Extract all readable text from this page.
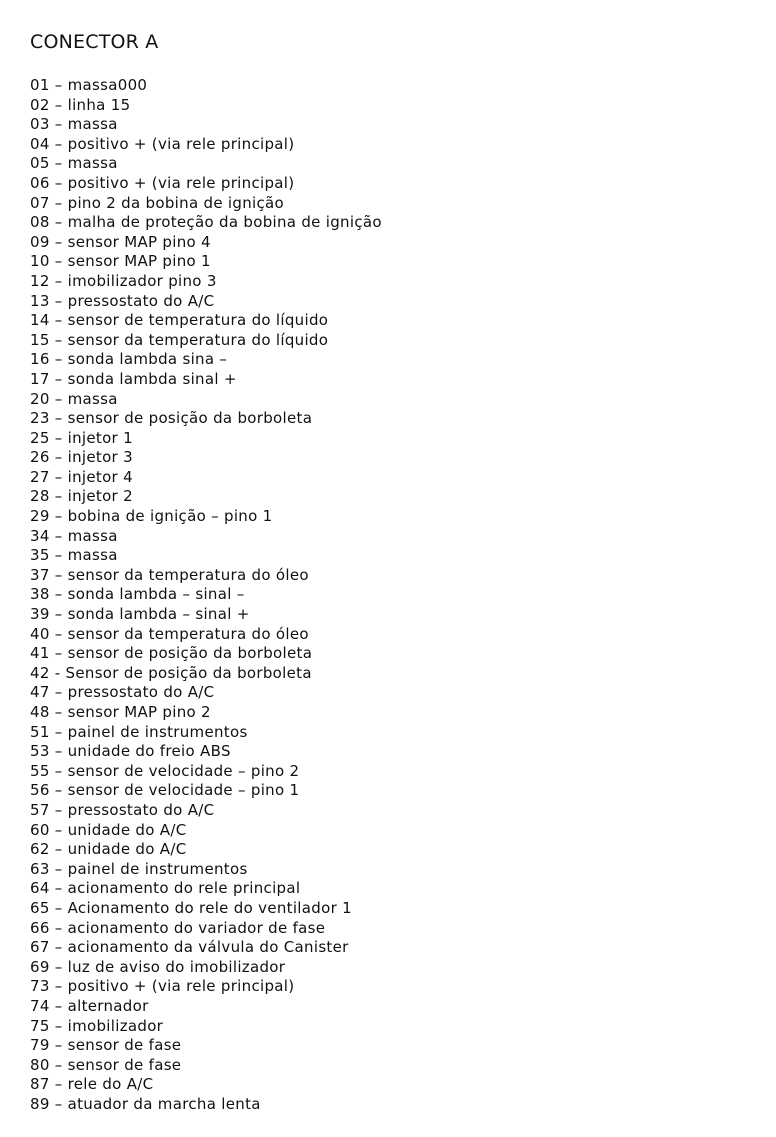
CONECTOR A
01 – massa000
02 – linha 15
03 – massa
04 – positivo + (via rele principal)
05 – massa
06 – positivo + (via rele principal)
07 – pino 2 da bobina de ignição
08 – malha de proteção da bobina de ignição
09 – sensor MAP pino 4
10 – sensor MAP pino 1
12 – imobilizador pino 3
13 – pressostato do A/C
14 – sensor de temperatura do líquido
15 – sensor da temperatura do líquido
16 – sonda lambda sina –
17 – sonda lambda sinal +
20 – massa
23 – sensor de posição da borboleta
25 – injetor 1
26 – injetor 3
27 – injetor 4
28 – injetor 2
29 – bobina de ignição – pino 1
34 – massa
35 – massa
37 – sensor da temperatura do óleo
38 – sonda lambda – sinal –
39 – sonda lambda – sinal +
40 – sensor da temperatura do óleo
41 – sensor de posição da borboleta
42 - Sensor de posição da borboleta
47 – pressostato do A/C
48 – sensor MAP pino 2
51 – painel de instrumentos
53 – unidade do freio ABS
55 – sensor de velocidade – pino 2
56 – sensor de velocidade – pino 1
57 – pressostato do A/C
60 – unidade do A/C
62 – unidade do A/C
63 – painel de instrumentos
64 – acionamento do rele principal
65 – Acionamento do rele do ventilador 1
66 – acionamento do variador de fase
67 – acionamento da válvula do Canister
69 – luz de aviso do imobilizador
73 – positivo + (via rele principal)
74 – alternador
75 – imobilizador
79 – sensor de fase
80 – sensor de fase
87 – rele do A/C
89 – atuador da marcha lenta
